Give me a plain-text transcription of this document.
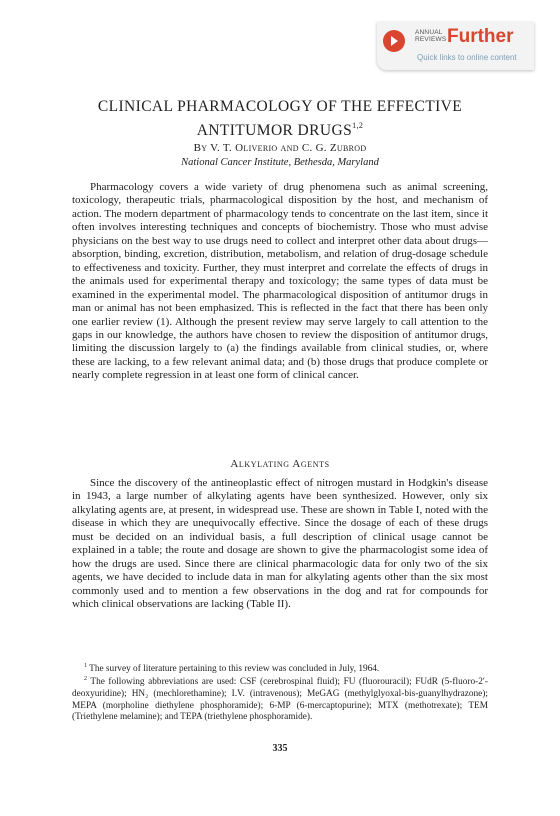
ANNUAL
REVIEWS Further
Quick links to online content
CLINICAL PHARMACOLOGY OF THE EFFECTIVE
ANTITUMOR DRUGS$^{1,2}$
By V. T. Oliverio and C. G. Zubrod
National Cancer Institute, Bethesda, Maryland

Pharmacology covers a wide variety of drug phenomena such as animal screening, toxicology, therapeutic trials, pharmacological disposition by the host, and mechanism of action. The modern department of pharmacology tends to concentrate on the last item, since it often involves interesting techniques and concepts of biochemistry. Those who must advise physicians on the best way to use drugs need to collect and interpret other data about drugs—absorption, binding, excretion, distribution, metabolism, and relation of drug-dosage schedule to effectiveness and toxicity. Further, they must interpret and correlate the effects of drugs in the animals used for experimental therapy and toxicology; the same types of data must be examined in the experimental model. The pharmacological disposition of antitumor drugs in man or animal has not been emphasized. This is reflected in the fact that there has been only one earlier review (1). Although the present review may serve largely to call attention to the gaps in our knowledge, the authors have chosen to review the disposition of antitumor drugs, limiting the discussion largely to (a) the findings available from clinical studies, or, where these are lacking, to a few relevant animal data; and (b) those drugs that produce complete or nearly complete regression in at least one form of clinical cancer.

Alkylating Agents

Since the discovery of the antineoplastic effect of nitrogen mustard in Hodgkin's disease in 1943, a large number of alkylating agents have been synthesized. However, only six alkylating agents are, at present, in widespread use. These are shown in Table I, noted with the disease in which they are unequivocally effective. Since the dosage of each of these drugs must be decided on an individual basis, a full description of clinical usage cannot be explained in a table; the route and dosage are shown to give the pharmacologist some idea of how the drugs are used. Since there are clinical pharmacologic data for only two of the six agents, we have decided to include data in man for alkylating agents other than the six most commonly used and to mention a few observations in the dog and rat for compounds for which clinical observations are lacking (Table II).

$^1$ The survey of literature pertaining to this review was concluded in July, 1964.

$^2$ The following abbreviations are used: CSF (cerebrospinal fluid); FU (fluorouracil); FUdR (5-fluoro-2′-deoxyuridine); HN₂ (mechlorethamine); I.V. (intravenous); MeGAG (methylglyoxal-bis-guanylhydrazone); MEPA (morpholine diethylene phosphoramide); 6-MP (6-mercaptopurine); MTX (methotrexate); TEM (Triethylene melamine); and TEPA (triethylene phosphoramide).

335
